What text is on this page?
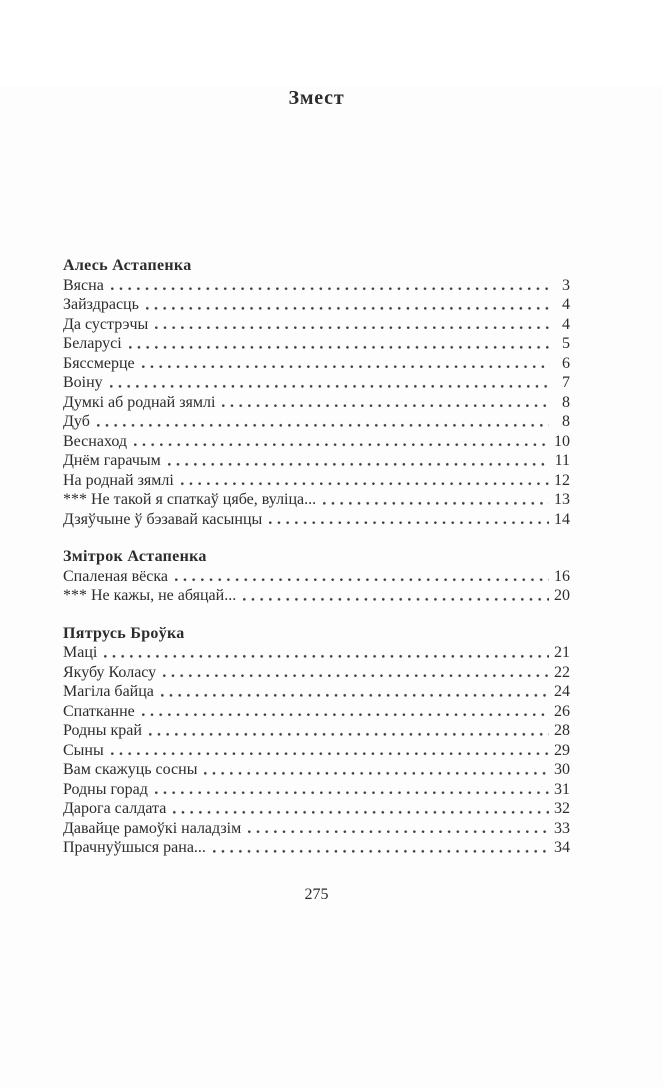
Змест
Алесь Астапенка
Вясна	3
Зайздрасць	4
Да сустрэчы	4
Беларусі	5
Бяссмерце	6
Воіну	7
Думкі аб роднай зямлі	8
Дуб	8
Веснаход	10
Днём гарачым	11
На роднай зямлі	12
*** Не такой я спаткаў цябе, вуліца...	13
Дзяўчыне ў бэзавай касынцы	14
Змітрок Астапенка
Спаленая вёска	16
*** Не кажы, не абяцай...	20
Пятрусь Броўка
Маці	21
Якубу Коласу	22
Магіла байца	24
Спатканне	26
Родны край	28
Сыны	29
Вам скажуць сосны	30
Родны горад	31
Дарога салдата	32
Давайце рамоўкі наладзім	33
Прачнуўшыся рана...	34
275
